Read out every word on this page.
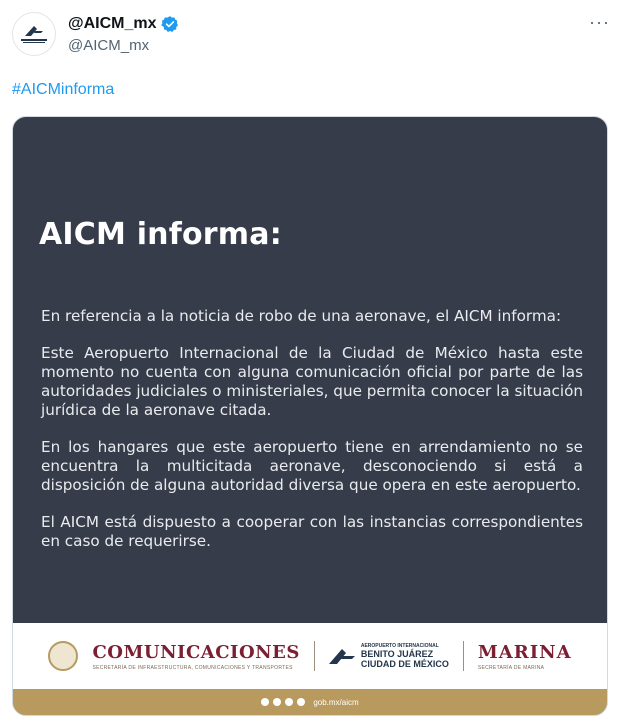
@AICM_mx
@AICM_mx
···
#AICMinforma
AICM informa:

En referencia a la noticia de robo de una aeronave, el AICM informa:

Este Aeropuerto Internacional de la Ciudad de México hasta este momento no cuenta con alguna comunicación oficial por parte de las autoridades judiciales o ministeriales, que permita conocer la situación jurídica de la aeronave citada.

En los hangares que este aeropuerto tiene en arrendamiento no se encuentra la multicitada aeronave, desconociendo si está a disposición de alguna autoridad diversa que opera en este aeropuerto.

El AICM está dispuesto a cooperar con las instancias correspondientes en caso de requerirse.

COMUNICACIONES
SECRETARÍA DE INFRAESTRUCTURA, COMUNICACIONES Y TRANSPORTES
AEROPUERTO INTERNACIONAL
BENITO JUÁREZ
CIUDAD DE MÉXICO
MARINA
SECRETARÍA DE MARINA
gob.mx/aicm
